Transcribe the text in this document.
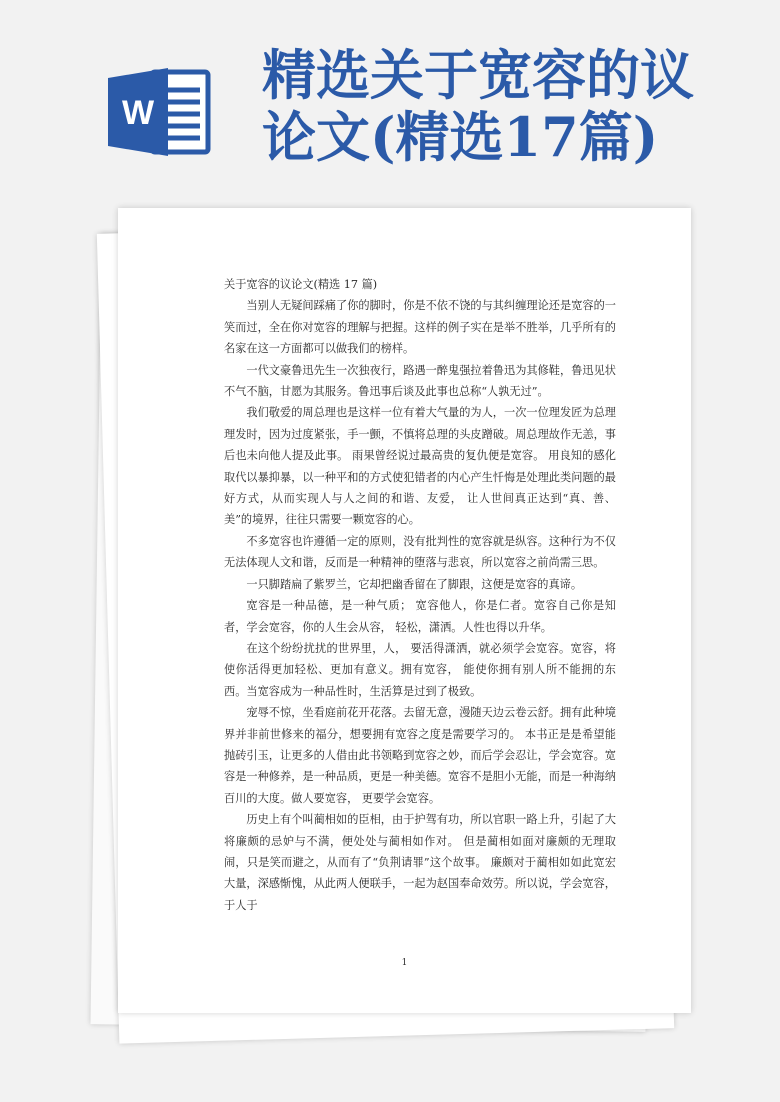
W
精选关于宽容的议
论文(精选17篇)

关于宽容的议论文(精选 17 篇)

当别人无疑间踩痛了你的脚时，你是不依不饶的与其纠缠理论还是宽容的一笑而过，全在你对宽容的理解与把握。这样的例子实在是举不胜举，几乎所有的名家在这一方面都可以做我们的榜样。

一代文豪鲁迅先生一次独夜行，路遇一醉鬼强拉着鲁迅为其修鞋，鲁迅见状不气不脑，甘愿为其服务。鲁迅事后谈及此事也总称“人孰无过”。

我们敬爱的周总理也是这样一位有着大气量的为人，一次一位理发匠为总理理发时，因为过度紧张，手一颤，不慎将总理的头皮蹭破。周总理故作无恙，事后也未向他人提及此事。 雨果曾经说过最高贵的复仇便是宽容。 用良知的感化取代以暴抑暴，以一种平和的方式使犯错者的内心产生忏悔是处理此类问题的最好方式，从而实现人与人之间的和谐、友爱， 让人世间真正达到“真、善、美”的境界，往往只需要一颗宽容的心。

不多宽容也许遵循一定的原则，没有批判性的宽容就是纵容。这种行为不仅无法体现人文和谐，反而是一种精神的堕落与悲哀，所以宽容之前尚需三思。

一只脚踏扁了紫罗兰，它却把幽香留在了脚跟，这便是宽容的真谛。

宽容是一种品德，是一种气质； 宽容他人，你是仁者。宽容自己你是知者，学会宽容，你的人生会从容， 轻松，潇洒。人性也得以升华。

在这个纷纷扰扰的世界里，人， 要活得潇洒，就必须学会宽容。宽容，将使你活得更加轻松、更加有意义。拥有宽容， 能使你拥有别人所不能拥的东西。当宽容成为一种品性时，生活算是过到了极致。

宠辱不惊，坐看庭前花开花落。去留无意，漫随天边云卷云舒。拥有此种境界并非前世修来的福分，想要拥有宽容之度是需要学习的。 本书正是是希望能抛砖引玉，让更多的人借由此书领略到宽容之妙，而后学会忍让，学会宽容。宽容是一种修养，是一种品质，更是一种美德。宽容不是胆小无能，而是一种海纳百川的大度。做人要宽容， 更要学会宽容。

历史上有个叫蔺相如的臣相，由于护驾有功，所以官职一路上升，引起了大将廉颇的忌妒与不满，便处处与蔺相如作对。 但是蔺相如面对廉颇的无理取闹，只是笑而避之，从而有了“负荆请罪”这个故事。 廉颇对于蔺相如如此宽宏大量，深感惭愧，从此两人便联手，一起为赵国奉命效劳。所以说，学会宽容，于人于

1
